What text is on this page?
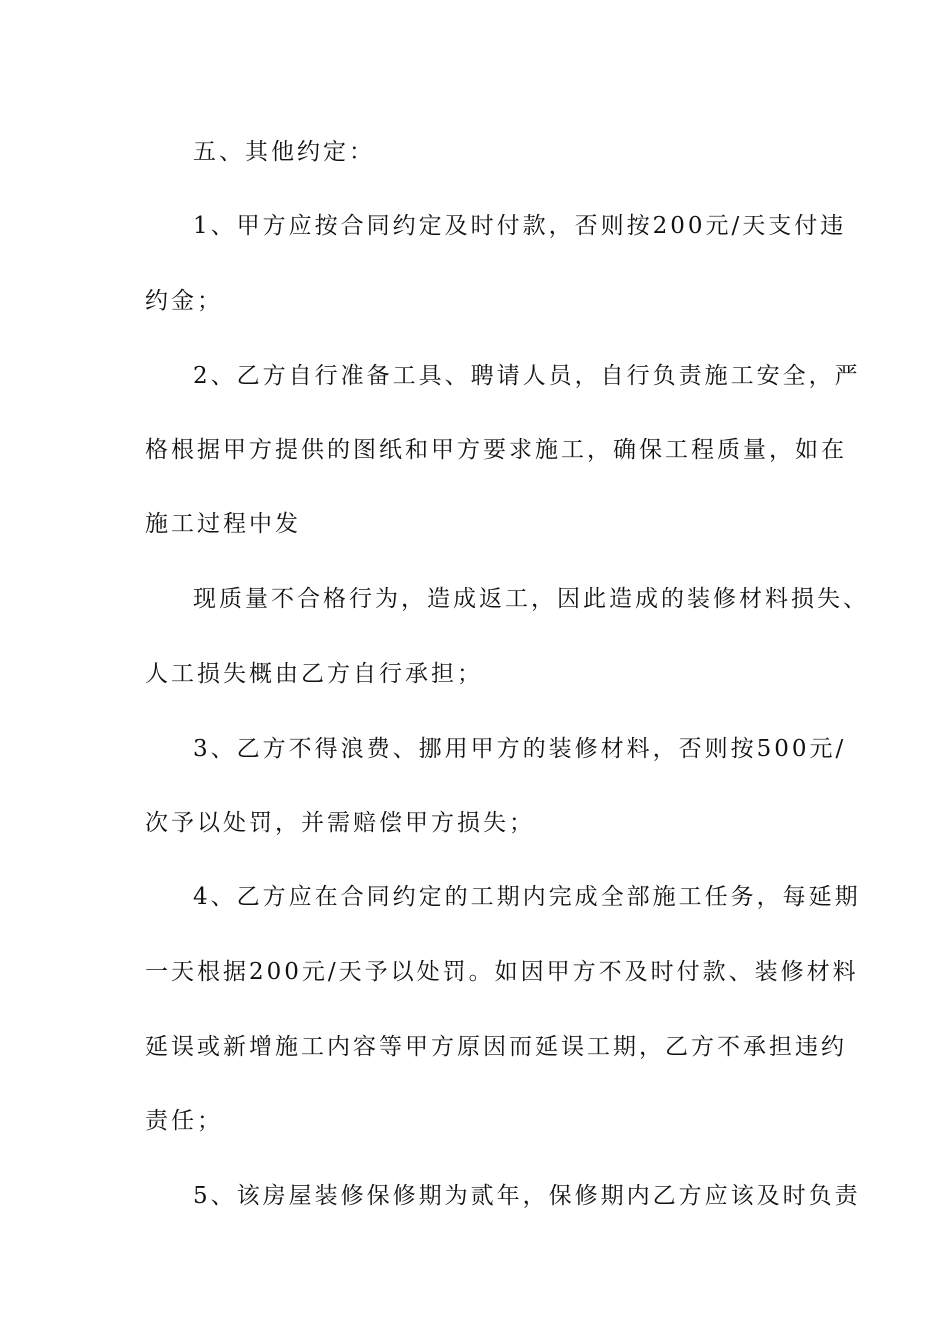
五、其他约定：
1、甲方应按合同约定及时付款，否则按200元/天支付违
约金；
2、乙方自行准备工具、聘请人员，自行负责施工安全，严
格根据甲方提供的图纸和甲方要求施工，确保工程质量，如在
施工过程中发
现质量不合格行为，造成返工，因此造成的装修材料损失、
人工损失概由乙方自行承担；
3、乙方不得浪费、挪用甲方的装修材料，否则按500元/
次予以处罚，并需赔偿甲方损失；
4、乙方应在合同约定的工期内完成全部施工任务，每延期
一天根据200元/天予以处罚。如因甲方不及时付款、装修材料
延误或新增施工内容等甲方原因而延误工期，乙方不承担违约
责任；
5、该房屋装修保修期为贰年，保修期内乙方应该及时负责
